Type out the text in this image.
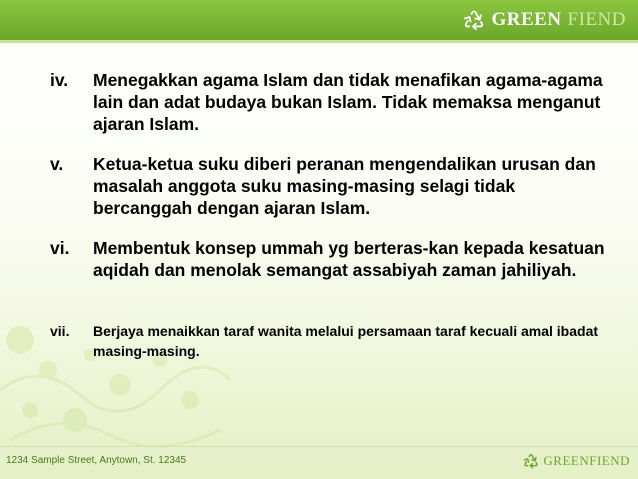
GREEN FIEND
iv.	Menegakkan agama Islam dan tidak menafikan agama-agama lain dan adat budaya bukan Islam. Tidak memaksa menganut ajaran Islam.
v.	Ketua-ketua suku diberi peranan mengendalikan urusan dan masalah anggota suku masing-masing selagi tidak bercanggah dengan ajaran Islam.
vi.	Membentuk konsep ummah yg berteras-kan kepada kesatuan aqidah dan menolak semangat assabiyah zaman jahiliyah.
vii.	Berjaya menaikkan taraf wanita melalui persamaan taraf kecuali amal ibadat masing-masing.
1234 Sample Street, Anytown, St. 12345	GREENFIEND
